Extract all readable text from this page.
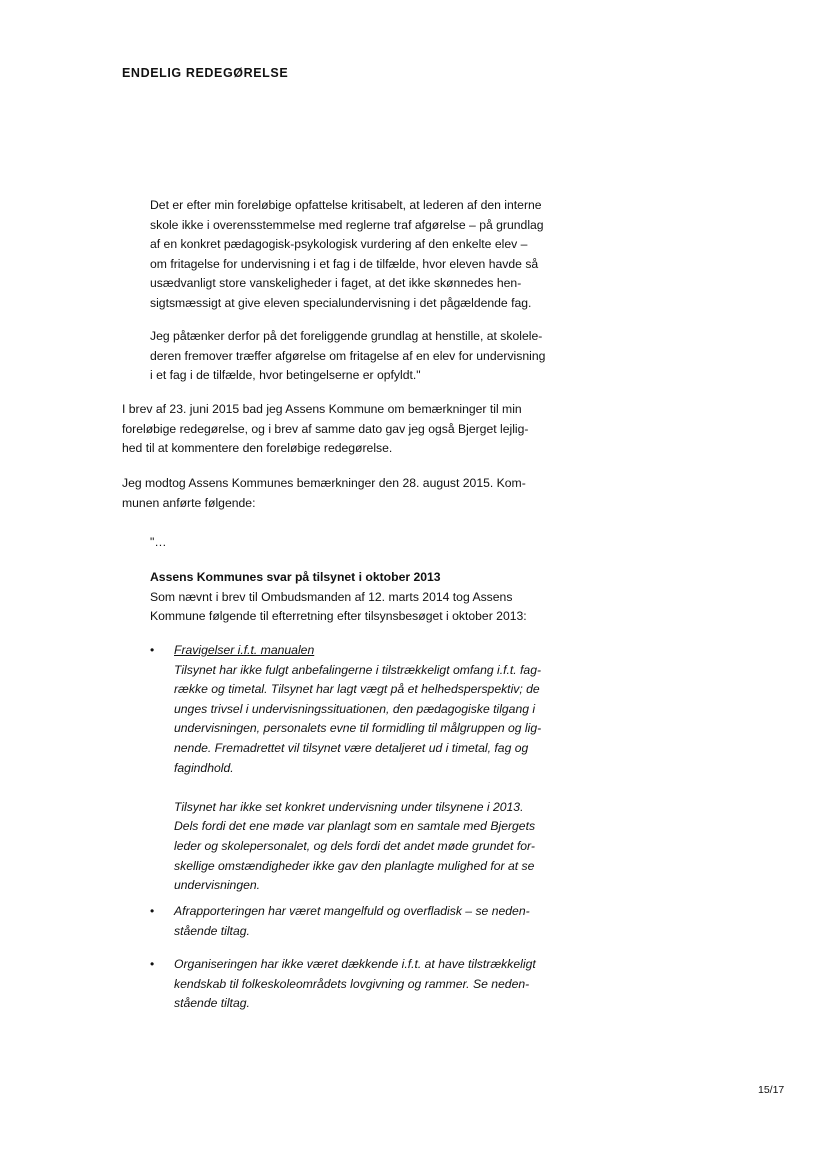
ENDELIG REDEGØRELSE

Det er efter min foreløbige opfattelse kritisabelt, at lederen af den interne
skole ikke i overensstemmelse med reglerne traf afgørelse – på grundlag
af en konkret pædagogisk-psykologisk vurdering af den enkelte elev –
om fritagelse for undervisning i et fag i de tilfælde, hvor eleven havde så
usædvanligt store vanskeligheder i faget, at det ikke skønnedes hen-
sigtsmæssigt at give eleven specialundervisning i det pågældende fag.

Jeg påtænker derfor på det foreliggende grundlag at henstille, at skolele-
deren fremover træffer afgørelse om fritagelse af en elev for undervisning
i et fag i de tilfælde, hvor betingelserne er opfyldt."

I brev af 23. juni 2015 bad jeg Assens Kommune om bemærkninger til min
foreløbige redegørelse, og i brev af samme dato gav jeg også Bjerget lejlig-
hed til at kommentere den foreløbige redegørelse.

Jeg modtog Assens Kommunes bemærkninger den 28. august 2015. Kom-
munen anførte følgende:

"…

Assens Kommunes svar på tilsynet i oktober 2013
Som nævnt i brev til Ombudsmanden af 12. marts 2014 tog Assens
Kommune følgende til efterretning efter tilsynsbesøget i oktober 2013:

• Fravigelser i.f.t. manualen
Tilsynet har ikke fulgt anbefalingerne i tilstrækkeligt omfang i.f.t. fag-
række og timetal. Tilsynet har lagt vægt på et helhedsperspektiv; de
unges trivsel i undervisningssituationen, den pædagogiske tilgang i
undervisningen, personalets evne til formidling til målgruppen og lig-
nende. Fremadrettet vil tilsynet være detaljeret ud i timetal, fag og
fagindhold.
Tilsynet har ikke set konkret undervisning under tilsynene i 2013.
Dels fordi det ene møde var planlagt som en samtale med Bjergets
leder og skolepersonalet, og dels fordi det andet møde grundet for-
skellige omstændigheder ikke gav den planlagte mulighed for at se
undervisningen.
• Afrapporteringen har været mangelfuld og overfladisk – se neden-
stående tiltag.
• Organiseringen har ikke været dækkende i.f.t. at have tilstrækkeligt
kendskab til folkeskoleområdets lovgivning og rammer. Se neden-
stående tiltag.
15/17
